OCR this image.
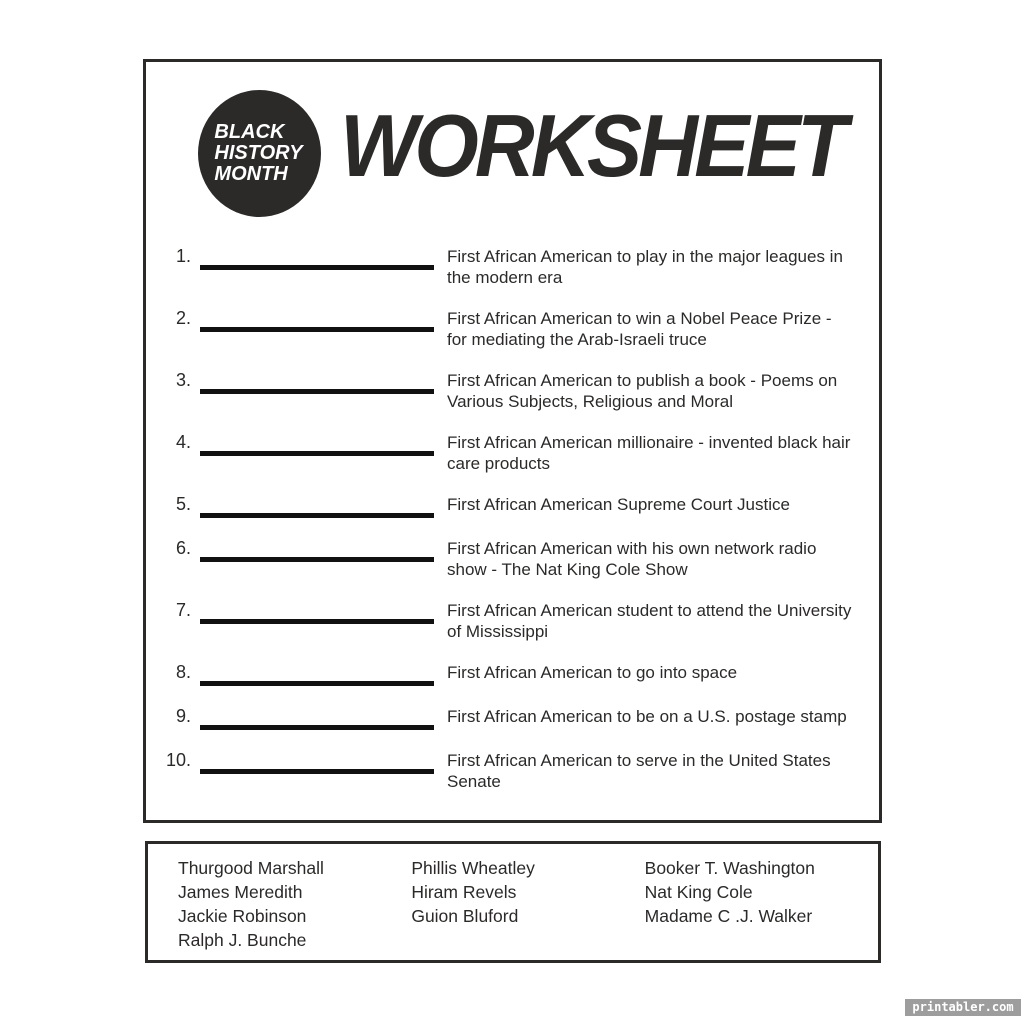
BLACK
HISTORY
MONTH WORKSHEET
1.	First African American to play in the major leagues in
the modern era
2.	First African American to win a Nobel Peace Prize -
for mediating the Arab-Israeli truce
3.	First African American to publish a book - Poems on
Various Subjects, Religious and Moral
4.	First African American millionaire - invented black hair
care products
5.	First African American Supreme Court Justice
6.	First African American with his own network radio
show - The Nat King Cole Show
7.	First African American student to attend the University
of Mississippi
8.	First African American to go into space
9.	First African American to be on a U.S. postage stamp
10.	First African American to serve in the United States
Senate
Thurgood Marshall
James Meredith
Jackie Robinson
Ralph J. Bunche
Phillis Wheatley
Hiram Revels
Guion Bluford
Booker T. Washington
Nat King Cole
Madame C .J. Walker
printabler.com
